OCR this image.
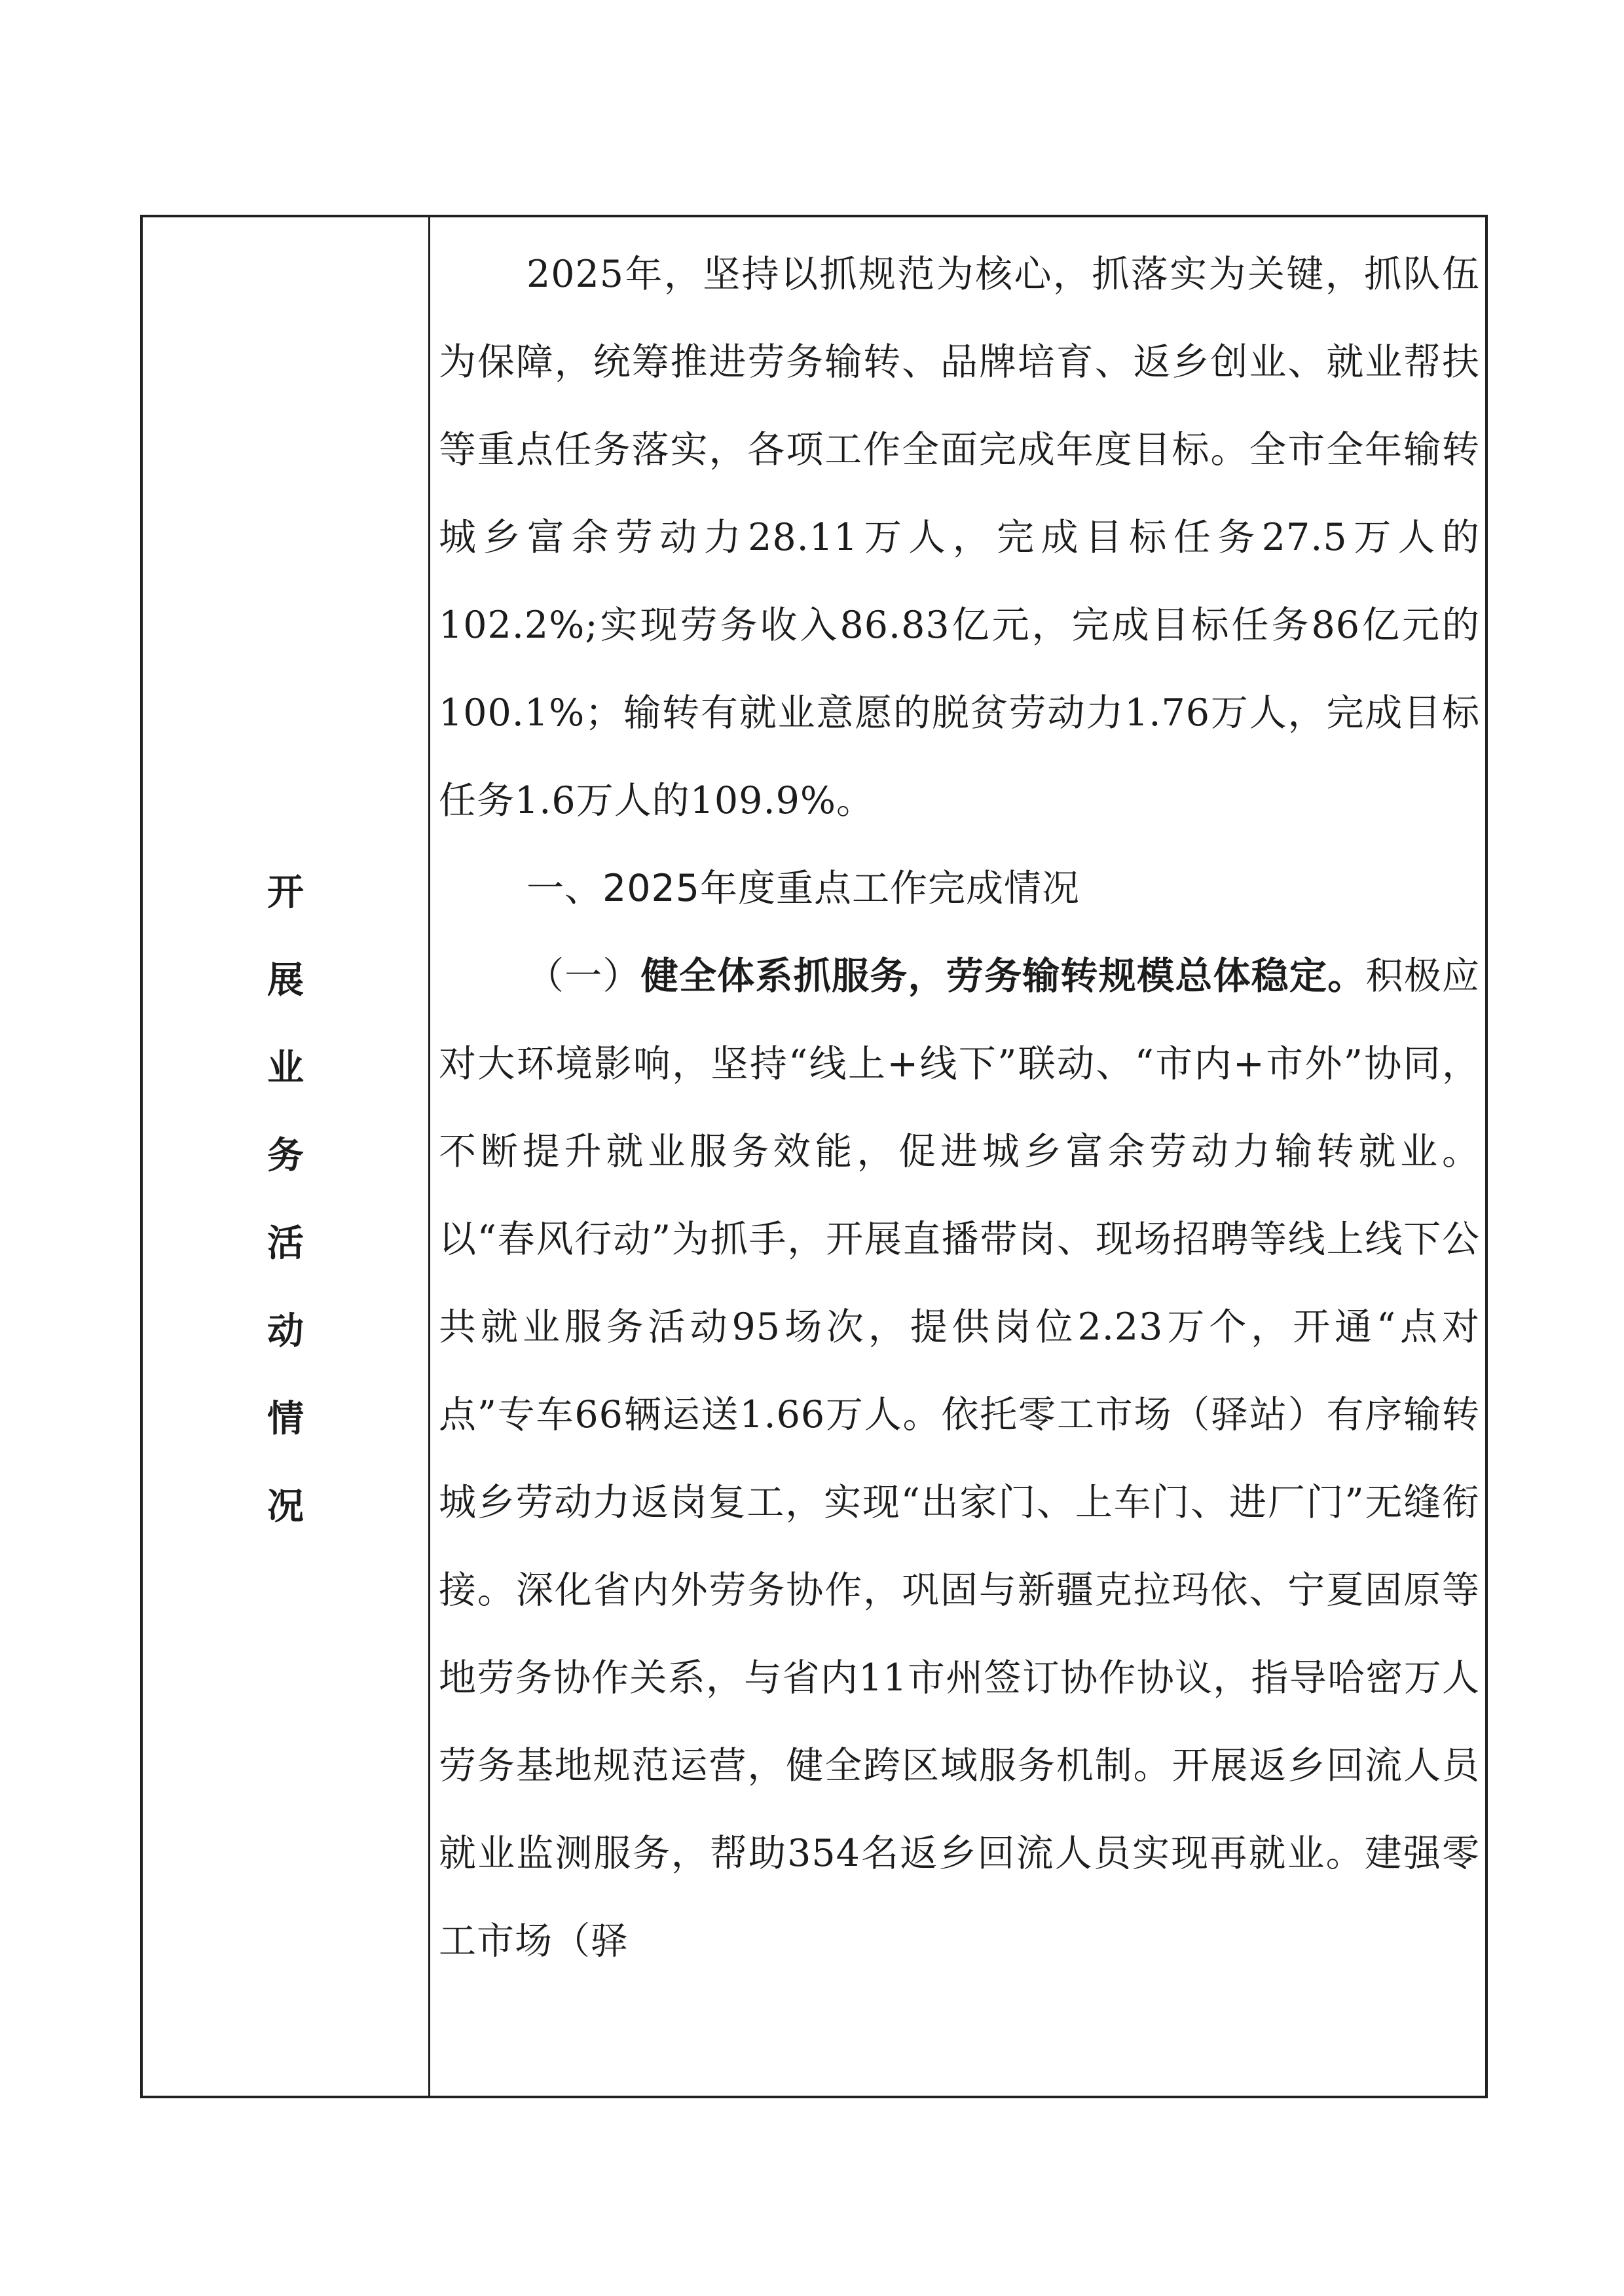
开
展
业
务
活
动
情
况

2025年，坚持以抓规范为核心，抓落实为关键，抓队伍为保障，统筹推进劳务输转、品牌培育、返乡创业、就业帮扶等重点任务落实，各项工作全面完成年度目标。全市全年输转城乡富余劳动力28.11万人，完成目标任务27.5万人的102.2%;实现劳务收入86.83亿元，完成目标任务86亿元的100.1%；输转有就业意愿的脱贫劳动力1.76万人，完成目标任务1.6万人的109.9%。

一、2025年度重点工作完成情况

（一）健全体系抓服务，劳务输转规模总体稳定。积极应对大环境影响，坚持“线上+线下”联动、“市内+市外”协同，不断提升就业服务效能，促进城乡富余劳动力输转就业。以“春风行动”为抓手，开展直播带岗、现场招聘等线上线下公共就业服务活动95场次，提供岗位2.23万个，开通“点对点”专车66辆运送1.66万人。依托零工市场（驿站）有序输转城乡劳动力返岗复工，实现“出家门、上车门、进厂门”无缝衔接。深化省内外劳务协作，巩固与新疆克拉玛依、宁夏固原等地劳务协作关系，与省内11市州签订协作协议，指导哈密万人劳务基地规范运营，健全跨区域服务机制。开展返乡回流人员就业监测服务，帮助354名返乡回流人员实现再就业。建强零工市场（驿
